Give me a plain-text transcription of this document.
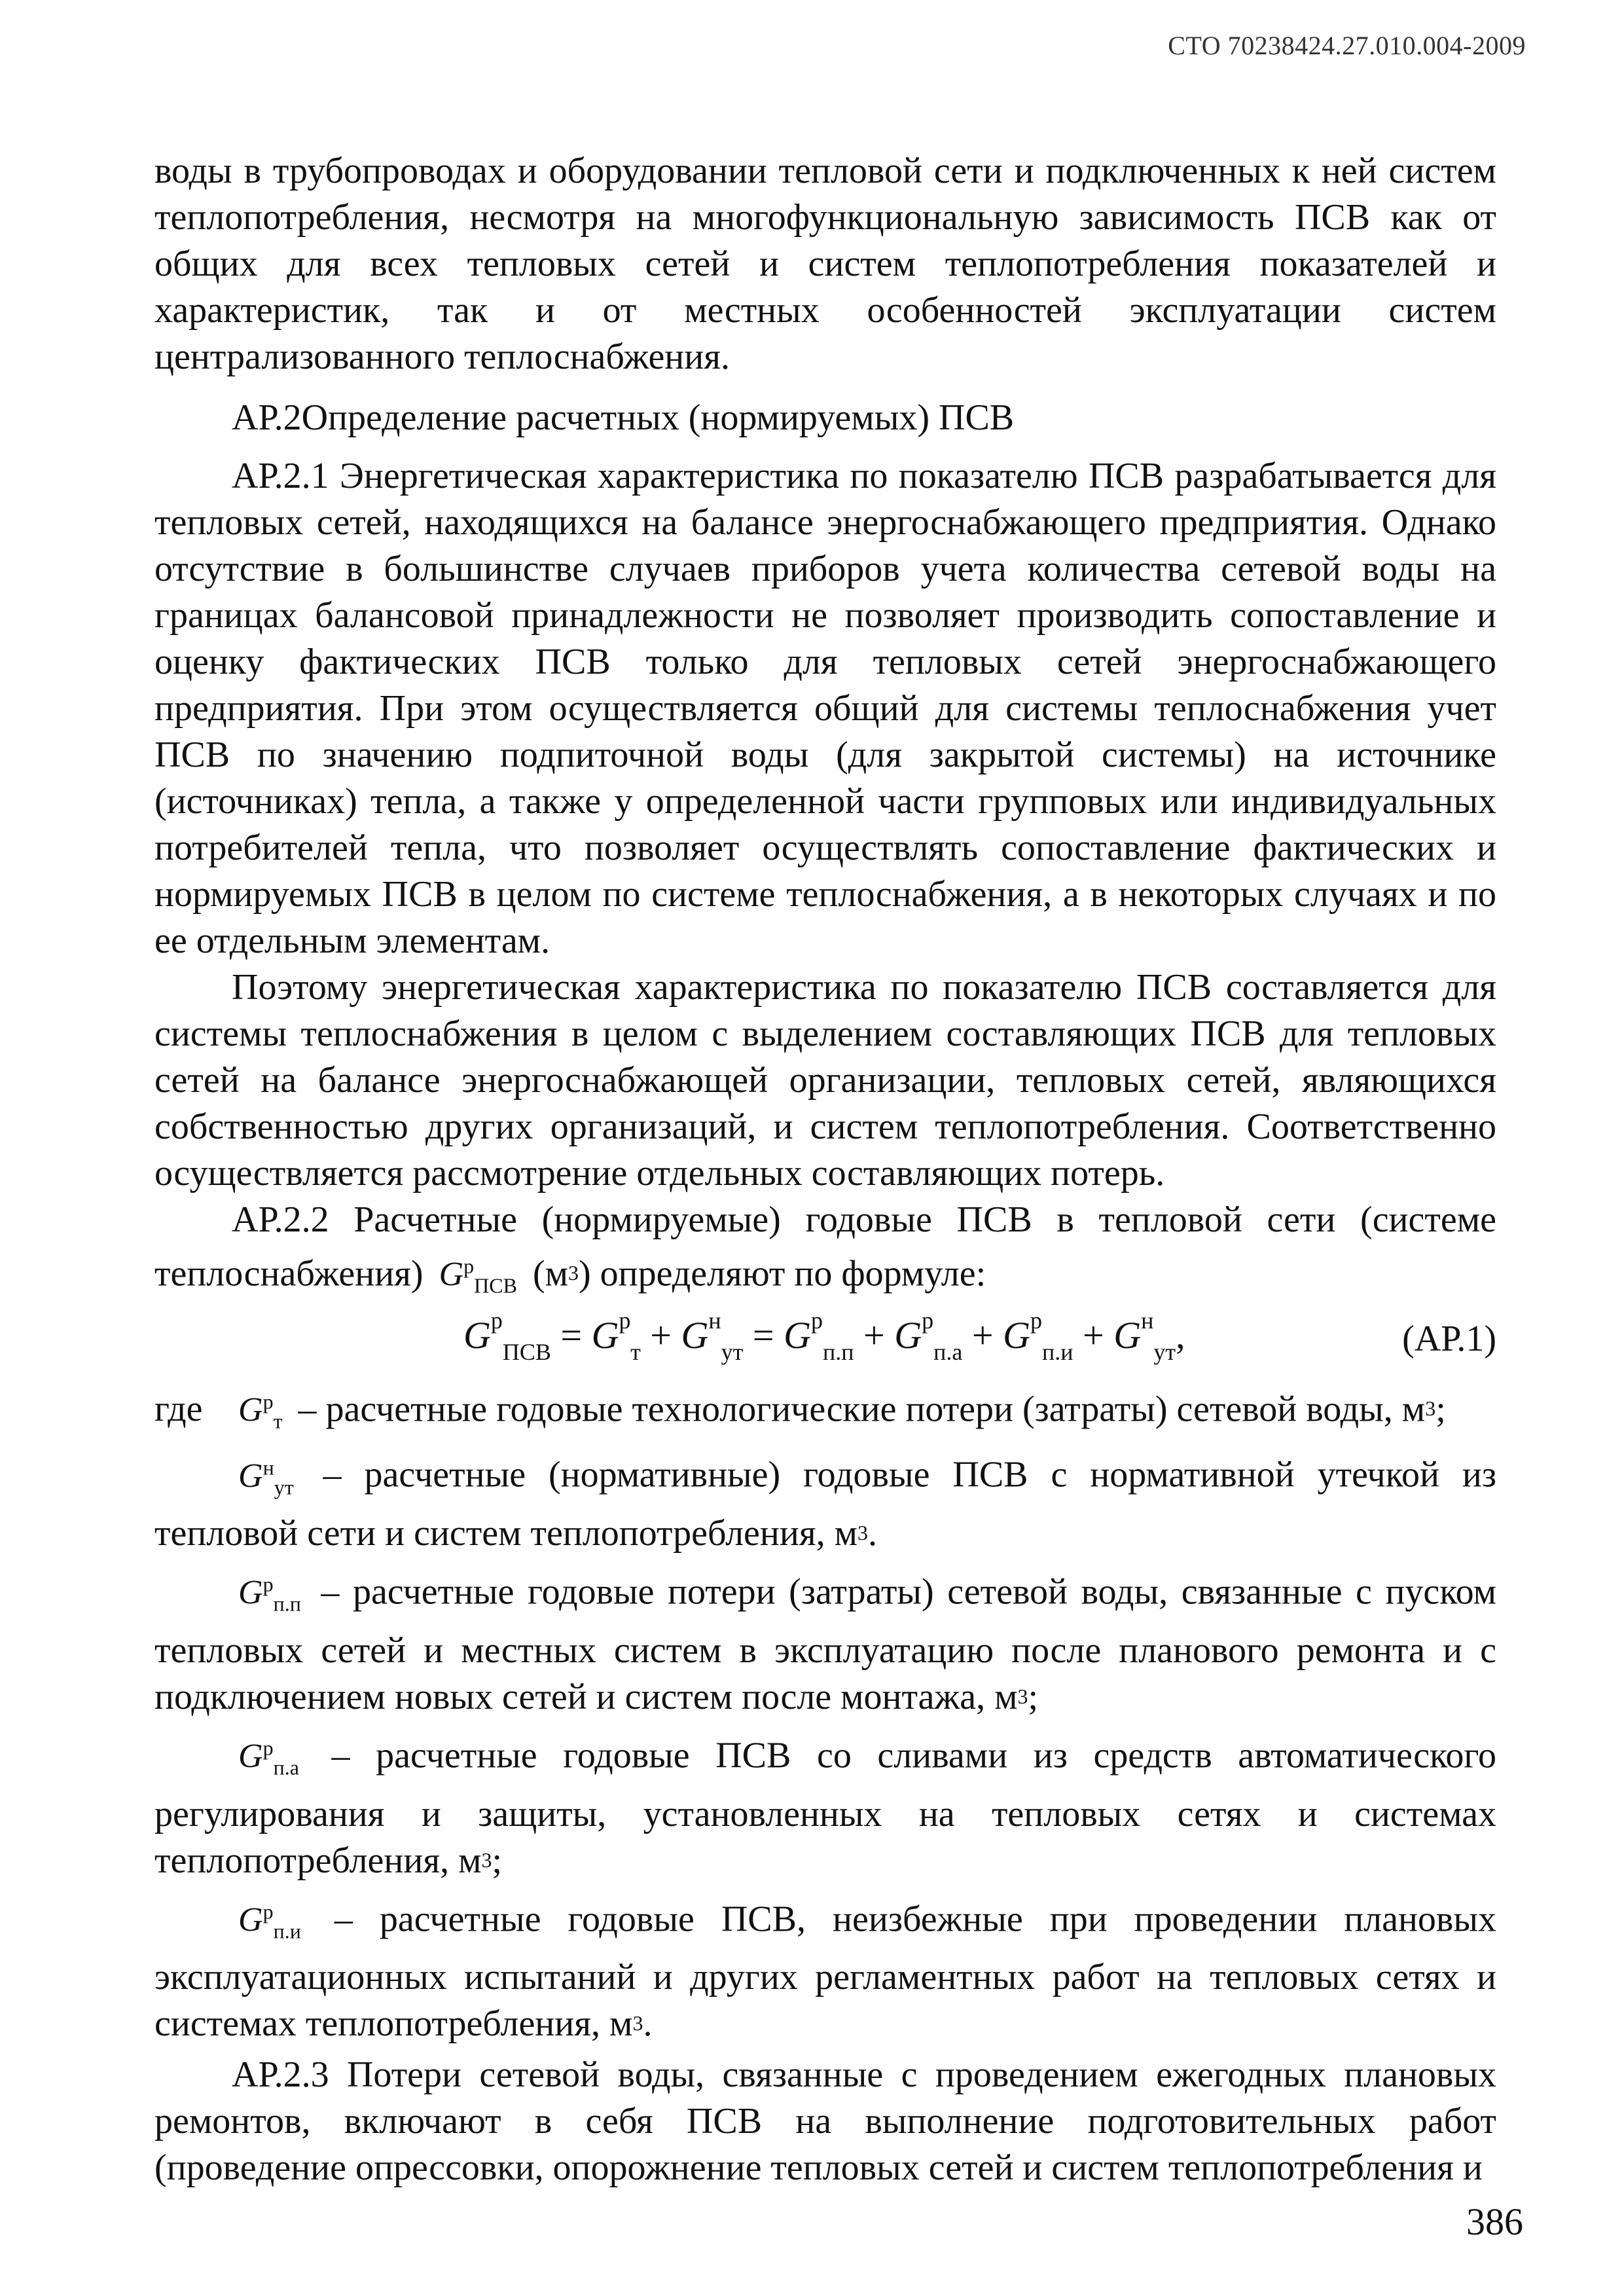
СТО 70238424.27.010.004-2009

воды в трубопроводах и оборудовании тепловой сети и подключенных к ней систем теплопотребления, несмотря на многофункциональную зависимость ПСВ как от общих для всех тепловых сетей и систем теплопотребления показателей и характеристик, так и от местных особенностей эксплуатации систем централизованного теплоснабжения.

АР.2Определение расчетных (нормируемых) ПСВ

АР.2.1 Энергетическая характеристика по показателю ПСВ разрабатывается для тепловых сетей, находящихся на балансе энергоснабжающего предприятия. Однако отсутствие в большинстве случаев приборов учета количества сетевой воды на границах балансовой принадлежности не позволяет производить сопоставление и оценку фактических ПСВ только для тепловых сетей энергоснабжающего предприятия. При этом осуществляется общий для системы теплоснабжения учет ПСВ по значению подпиточной воды (для закрытой системы) на источнике (источниках) тепла, а также у определенной части групповых или индивидуальных потребителей тепла, что позволяет осуществлять сопоставление фактических и нормируемых ПСВ в целом по системе теплоснабжения, а в некоторых случаях и по ее отдельным элементам.

Поэтому энергетическая характеристика по показателю ПСВ составляется для системы теплоснабжения в целом с выделением составляющих ПСВ для тепловых сетей на балансе энергоснабжающей организации, тепловых сетей, являющихся собственностью других организаций, и систем теплопотребления. Соответственно осуществляется рассмотрение отдельных составляющих потерь.

АР.2.2 Расчетные (нормируемые) годовые ПСВ в тепловой сети (системе теплоснабжения) $G^р_{ПСВ}$ $(м^3)$ определяют по формуле:

$G^р_{ПСВ} = G^р_т + G^н_{ут} = G^р_{п.п} + G^р_{п.а} + G^р_{п.и} + G^н_{ут}$,	(АР.1)

где $G^р_т$ – расчетные годовые технологические потери (затраты) сетевой воды, $м^3$;

$G^н_{ут}$ – расчетные (нормативные) годовые ПСВ с нормативной утечкой из тепловой сети и систем теплопотребления, $м^3$.

$G^р_{п.п}$ – расчетные годовые потери (затраты) сетевой воды, связанные с пуском тепловых сетей и местных систем в эксплуатацию после планового ремонта и с подключением новых сетей и систем после монтажа, $м^3$;

$G^р_{п.а}$ – расчетные годовые ПСВ со сливами из средств автоматического регулирования и защиты, установленных на тепловых сетях и системах теплопотребления, $м^3$;

$G^р_{п.и}$ – расчетные годовые ПСВ, неизбежные при проведении плановых эксплуатационных испытаний и других регламентных работ на тепловых сетях и системах теплопотребления, $м^3$.

АР.2.3 Потери сетевой воды, связанные с проведением ежегодных плановых ремонтов, включают в себя ПСВ на выполнение подготовительных работ (проведение опрессовки, опорожнение тепловых сетей и систем теплопотребления и

386
